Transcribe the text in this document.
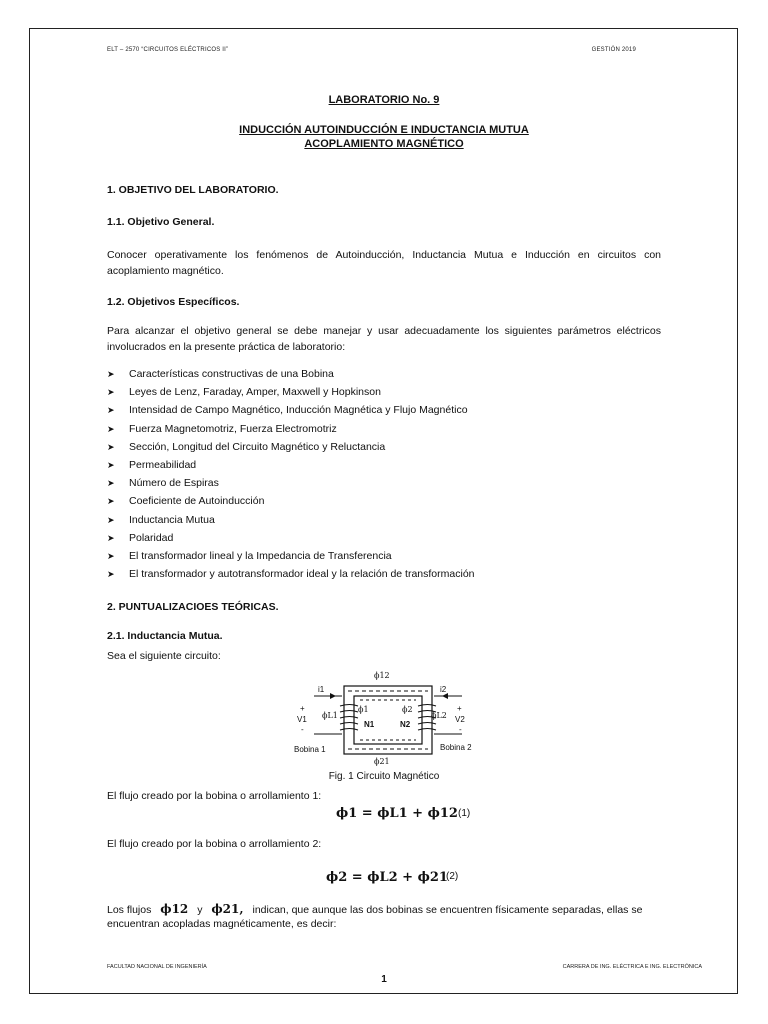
ELT – 2570 “CIRCUITOS ELÉCTRICOS II”	GESTIÓN 2019
LABORATORIO No. 9
INDUCCIÓN AUTOINDUCCIÓN E INDUCTANCIA MUTUA
ACOPLAMIENTO MAGNÉTICO
1. OBJETIVO DEL LABORATORIO.
1.1. Objetivo General.
Conocer operativamente los fenómenos de Autoinducción, Inductancia Mutua e Inducción en circuitos con acoplamiento magnético.
1.2. Objetivos Específicos.
Para alcanzar el objetivo general se debe manejar y usar adecuadamente los siguientes parámetros eléctricos involucrados en la presente práctica de laboratorio:
➤ Características constructivas de una Bobina
➤ Leyes de Lenz, Faraday, Amper, Maxwell y Hopkinson
➤ Intensidad de Campo Magnético, Inducción Magnética y Flujo Magnético
➤ Fuerza Magnetomotriz, Fuerza Electromotriz
➤ Sección, Longitud del Circuito Magnético y Reluctancia
➤ Permeabilidad
➤ Número de Espiras
➤ Coeficiente de Autoinducción
➤ Inductancia Mutua
➤ Polaridad
➤ El transformador lineal y la Impedancia de Transferencia
➤ El transformador y autotransformador ideal y la relación de transformación
2. PUNTUALIZACIOES TEÓRICAS.
2.1. Inductancia Mutua.
Sea el siguiente circuito:
ϕ12
ϕ21
ϕL1
ϕ1	ϕ2
ϕL2
i1	i2
+
V1
-
+
V2
-
N1	N2
Bobina 1	Bobina 2
Fig. 1 Circuito Magnético
El flujo creado por la bobina o arrollamiento 1:
ϕ1 = ϕL1 + ϕ12 (1)
El flujo creado por la bobina o arrollamiento 2:
ϕ2 = ϕL2 + ϕ21
(2)
Los flujos ϕ12 y ϕ21, indican, que aunque las dos bobinas se encuentren físicamente separadas, ellas se
encuentran acopladas magnéticamente, es decir:
FACULTAD NACIONAL DE INGENIERÍA	CARRERA DE ING. ELÉCTRICA E ING. ELECTRÓNICA
1
